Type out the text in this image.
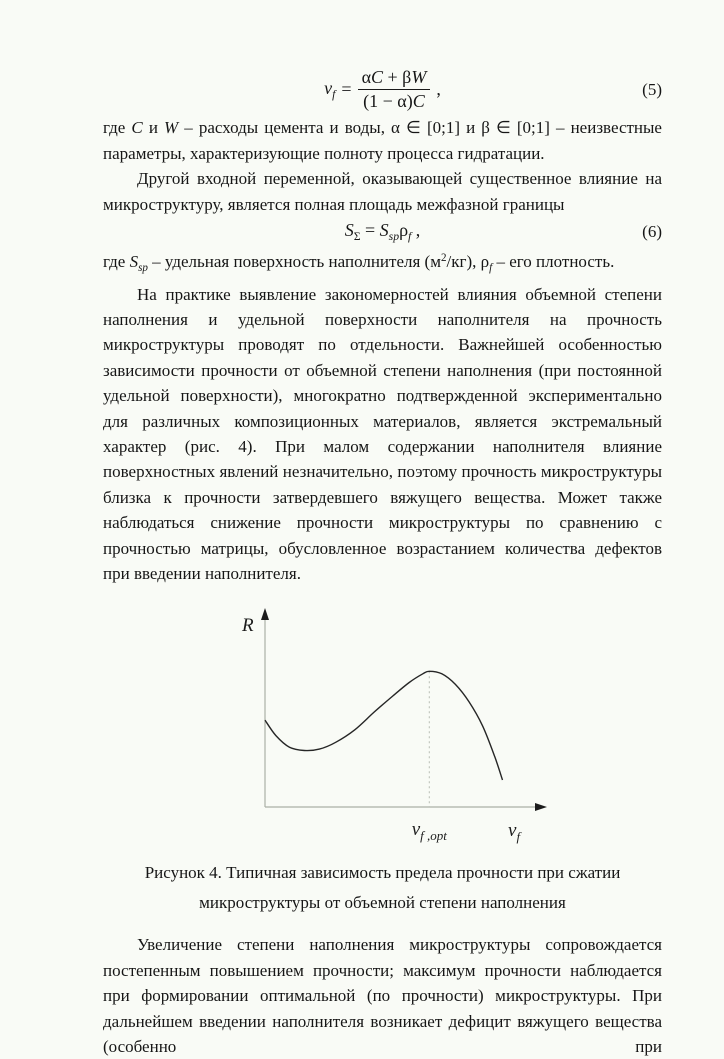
$v_f = \frac{\alpha C + \beta W}{(1 - \alpha)C}$ ,	(5)

где C и W – расходы цемента и воды, α ∈ [0;1] и β ∈ [0;1] – неизвестные параметры, характеризующие полноту процесса гидратации.

Другой входной переменной, оказывающей существенное влияние на микроструктуру, является полная площадь межфазной границы

$S_\Sigma = S_{sp}\rho_f$ ,	(6)

где $S_{sp}$ – удельная поверхность наполнителя $(м^2/кг)$, $\rho_f$ – его плотность.

На практике выявление закономерностей влияния объемной степени наполнения и удельной поверхности наполнителя на прочность микроструктуры проводят по отдельности. Важнейшей особенностью зависимости прочности от объемной степени наполнения (при постоянной удельной поверхности), многократно подтвержденной экспериментально для различных композиционных материалов, является экстремальный характер (рис. 4). При малом содержании наполнителя влияние поверхностных явлений незначительно, поэтому прочность микроструктуры близка к прочности затвердевшего вяжущего вещества. Может также наблюдаться снижение прочности микроструктуры по сравнению с прочностью матрицы, обусловленное возрастанием количества дефектов при введении наполнителя.

R
$v_f$
$v_{f ,opt}$
Рисунок 4. Типичная зависимость предела прочности при сжатии
микроструктуры от объемной степени наполнения

Увеличение степени наполнения микроструктуры сопровождается постепенным повышением прочности; максимум прочности наблюдается при формировании оптимальной (по прочности) микроструктуры. При дальнейшем введении наполнителя возникает дефицит вяжущего вещества (особенно при
